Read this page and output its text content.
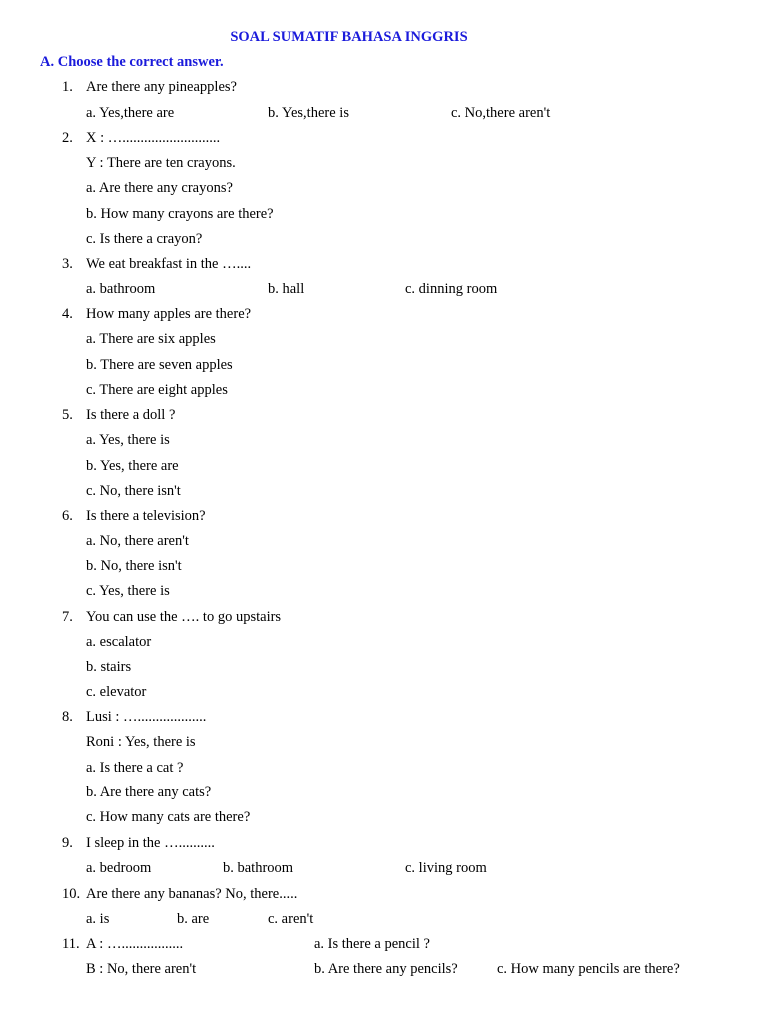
SOAL SUMATIF BAHASA INGGRIS
A. Choose the correct answer.
1. Are there any pineapples?
a. Yes,there are	b. Yes,there is	c. No,there aren't
2. X : …...........................
Y : There are ten crayons.
a. Are there any crayons?
b. How many crayons are there?
c. Is there a crayon?
3. We eat breakfast in the …....
a. bathroom	b. hall	c. dinning room
4. How many apples are there?
a. There are six apples
b. There are seven apples
c. There are eight apples
5. Is there a doll ?
a. Yes, there is
b. Yes, there are
c. No, there isn't
6. Is there a television?
a. No, there aren't
b. No, there isn't
c. Yes, there is
7. You can use the …. to go upstairs
a. escalator
b. stairs
c. elevator
8. Lusi : …...................
Roni : Yes, there is
a. Is there a cat ?
b. Are there any cats?
c. How many cats are there?
9. I sleep in the …..........
a. bedroom	b. bathroom	c. living room
10. Are there any bananas? No, there.....
a. is	b. are	c. aren't
11. A : ….................	a. Is there a pencil ?
B : No, there aren't	b. Are there any pencils?	c. How many pencils are there?
